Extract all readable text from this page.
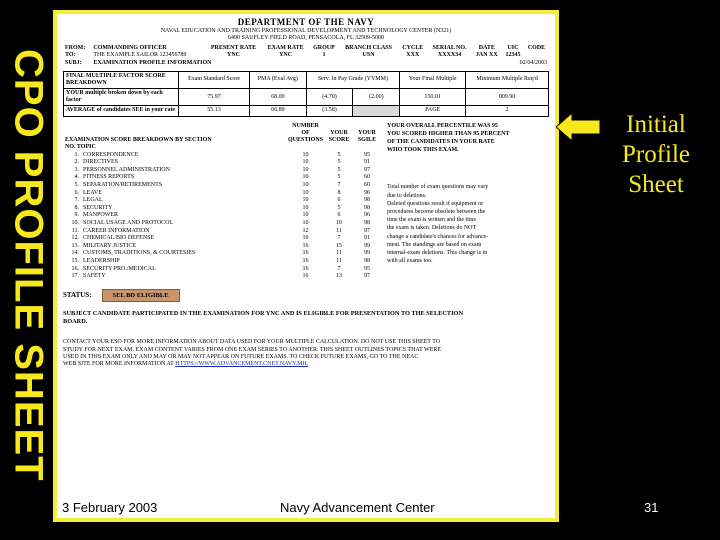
CPO PROFILE SHEET
DEPARTMENT OF THE NAVY
NAVAL EDUCATION AND TRAINING PROFESSIONAL DEVELOPMENT AND TECHNOLOGY CENTER (N321)
6490 SAUFLEY FIELD ROAD, PENSACOLA, FL 32509-5000
02/04/2003
FROM:	COMMANDING OFFICER	PRESENT RATE	EXAM RATE	GROUP	BRANCH CLASS	CYCLE	SERIAL NO.	DATE	UIC	CODE
TO:	THE EXAMPLE SAILOR 123456789	YNC	YNC	1	USN	XXX	XXXX34	JAN XX	12345	
SUBJ:	EXAMINATION PROFILE INFORMATION									
FINAL MULTIPLE FACTOR SCORE BREAKDOWN	Exam Standard Score	PMA (Eval Avg)	Serv. In Pay Grade (YYMM)		Your Final Multiple	Minimum Multiple Req'd
YOUR multiple broken down by each factor	75.97	68.00	(4.70)	(2.00)	150.01	009.90
AVERAGE of candidates SEE in your rate	55.13	66.89	(3.58)		PAGE	2
EXAMINATION SCORE BREAKDOWN BY SECTION		NUMBER OF QUESTIONS	YOUR SCORE	YOUR SGILE
NO. TOPIC				
1.	CORRESPONDENCE	10	5	95
2.	DIRECTIVES	10	5	91
3.	PERSONNEL ADMINISTRATION	10	5	97
4.	FITNESS REPORTS	10	5	60
5.	SEPARATION/RETIREMENTS	10	7	60
6.	LEAVE	10	8	96
7.	LEGAL	10	6	98
8.	SECURITY	10	5	98
9.	MANPOWER	10	6	96
10.	SOCIAL USAGE AND PROTOCOL	10	10	98
11.	CAREER INFORMATION	12	11	97
12.	CHEMICAL/BIO DEFENSE	10	7	91
13.	MILITARY JUSTICE	16	15	99
14.	CUSTOMS, TRADITIONS, & COURTESIES	16	11	99
15.	LEADERSHIP	16	11	98
16.	SECURITY PRO./MEDICAL	16	7	95
17.	SAFETY	16	13	97

YOUR OVERALL PERCENTILE WAS 95

YOU SCORED HIGHER THAN 95 PERCENT

OF THE CANDIDATES IN YOUR RATE

WHO TOOK THIS EXAM.

Total number of exam questions may vary

due to deletions.

Deleted questions result if equipment or

procedures become obsolete between the

time the exam is written and the time

the exam is taken. Deletions do NOT

change a candidate's chances for advance-

ment. The standings are based on exam

internal-exam deletions. This change is in

with all exams too.

STATUS:	SEL BD ELIGIBLE
SUBJECT CANDIDATE PARTICIPATED IN THE EXAMINATION FOR YNC AND IS ELIGIBLE FOR PRESENTATION TO THE SELECTION BOARD.
CONTACT YOUR ESO FOR MORE INFORMATION ABOUT DATA USED FOR YOUR MULTIPLE CALCULATION. DO NOT USE THIS SHEET TO
STUDY FOR NEXT EXAM. EXAM CONTENT VARIES FROM ONE EXAM SERIES TO ANOTHER. THIS SHEET OUTLINES TOPICS THAT WERE
USED IN THIS EXAM ONLY AND MAY OR MAY NOT APPEAR ON FUTURE EXAMS. TO CHECK FUTURE EXAMS, GO TO THE NEAC
WEB SITE FOR MORE INFORMATION AT HTTPS://WWW.ADVANCEMENT.CNET.NAVY.MIL
Initial
Profile
Sheet
3 February 2003	Navy Advancement Center	31
